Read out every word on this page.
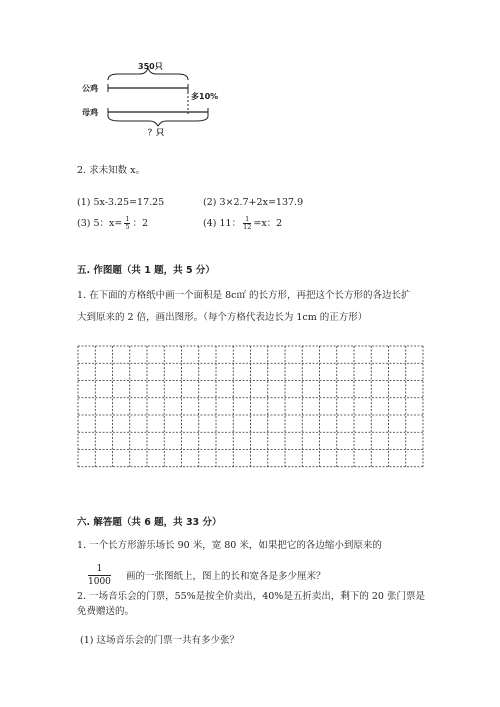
350只
公鸡
母鸡
多10%
？只
2. 求未知数 x。
(1) 5x-3.25=17.25	(2) 3×2.7+2x=137.9
(3) 5：$x= \frac{1}{5}$ ：2	(4) 11： $\frac{1}{12} =x$：2
五. 作图题（共 1 题，共 5 分）
1. 在下面的方格纸中画一个面积是 8c㎡ 的长方形，再把这个长方形的各边长扩
大到原来的 2 倍，画出图形。（每个方格代表边长为 1cm 的正方形）
六. 解答题（共 6 题，共 33 分）
1. 一个长方形游乐场长 90 米，宽 80 米，如果把它的各边缩小到原来的
$\frac{1}{1000}$ 画的一张图纸上，图上的长和宽各是多少厘米？
2. 一场音乐会的门票，55%是按全价卖出，40%是五折卖出，剩下的 20 张门票是
免费赠送的。
(1) 这场音乐会的门票一共有多少张？
